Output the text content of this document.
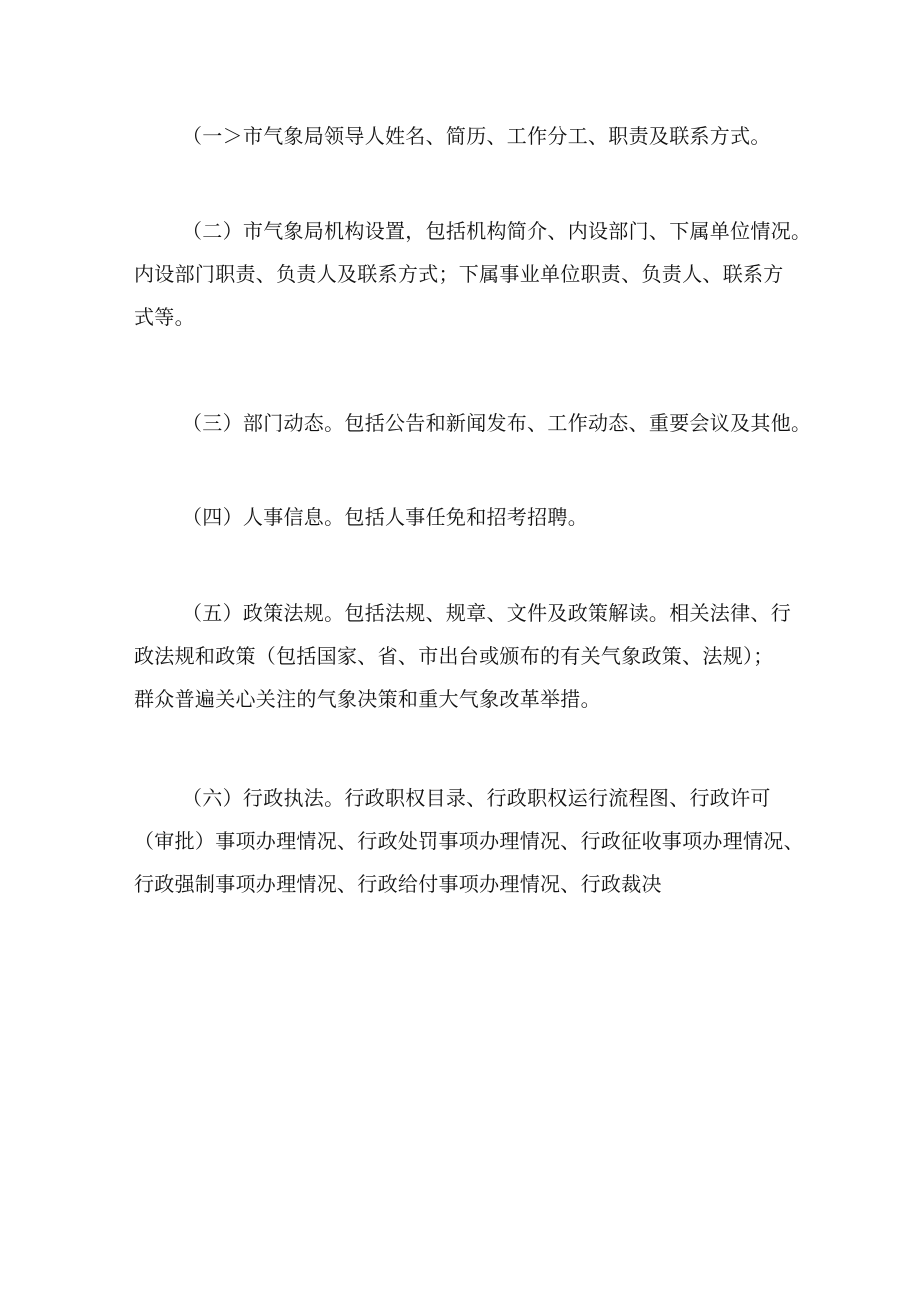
（一＞市气象局领导人姓名、简历、工作分工、职责及联系方式。

（二）市气象局机构设置，包括机构简介、内设部门、下属单位情况。
内设部门职责、负责人及联系方式；下属事业单位职责、负责人、联系方
式等。

（三）部门动态。包括公告和新闻发布、工作动态、重要会议及其他。

（四）人事信息。包括人事任免和招考招聘。

（五）政策法规。包括法规、规章、文件及政策解读。相关法律、行
政法规和政策（包括国家、省、市出台或颁布的有关气象政策、法规）；
群众普遍关心关注的气象决策和重大气象改革举措。

（六）行政执法。行政职权目录、行政职权运行流程图、行政许可
（审批）事项办理情况、行政处罚事项办理情况、行政征收事项办理情况、
行政强制事项办理情况、行政给付事项办理情况、行政裁决
